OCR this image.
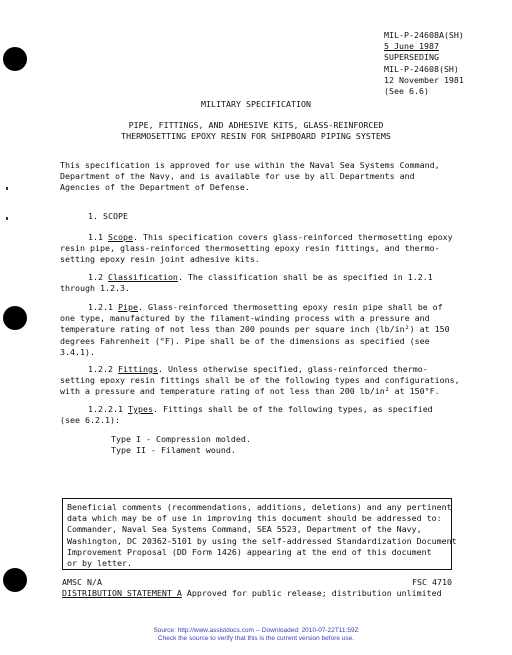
MIL-P-24608A(SH)
5 June 1987
SUPERSEDING
MIL-P-24608(SH)
12 November 1981
(See 6.6)
MILITARY SPECIFICATION
PIPE, FITTINGS, AND ADHESIVE KITS, GLASS-REINFORCED
THERMOSETTING EPOXY RESIN FOR SHIPBOARD PIPING SYSTEMS
This specification is approved for use within the Naval Sea Systems Command,
Department of the Navy, and is available for use by all Departments and
Agencies of the Department of Defense.
1. SCOPE
1.1 Scope. This specification covers glass-reinforced thermosetting epoxy
resin pipe, glass-reinforced thermosetting epoxy resin fittings, and thermo-
setting epoxy resin joint adhesive kits.
1.2 Classification. The classification shall be as specified in 1.2.1
through 1.2.3.
1.2.1 Pipe. Glass-reinforced thermosetting epoxy resin pipe shall be of
one type, manufactured by the filament-winding process with a pressure and
temperature rating of not less than 200 pounds per square inch (lb/in²) at 150
degrees Fahrenheit (°F). Pipe shall be of the dimensions as specified (see
3.4.1).
1.2.2 Fittings. Unless otherwise specified, glass-reinforced thermo-
setting epoxy resin fittings shall be of the following types and configurations,
with a pressure and temperature rating of not less than 200 lb/in² at 150°F.
1.2.2.1 Types. Fittings shall be of the following types, as specified
(see 6.2.1):
Type I - Compression molded.
Type II - Filament wound.
Beneficial comments (recommendations, additions, deletions) and any pertinent
data which may be of use in improving this document should be addressed to:
Commander, Naval Sea Systems Command, SEA 5523, Department of the Navy,
Washington, DC 20362-5101 by using the self-addressed Standardization Document
Improvement Proposal (DD Form 1426) appearing at the end of this document
or by letter.
AMSC N/A	FSC 4710
DISTRIBUTION STATEMENT A Approved for public release; distribution unlimited
Source: http://www.assistdocs.com -- Downloaded: 2010-07-22T11:59Z
Check the source to verify that this is the current version before use.
